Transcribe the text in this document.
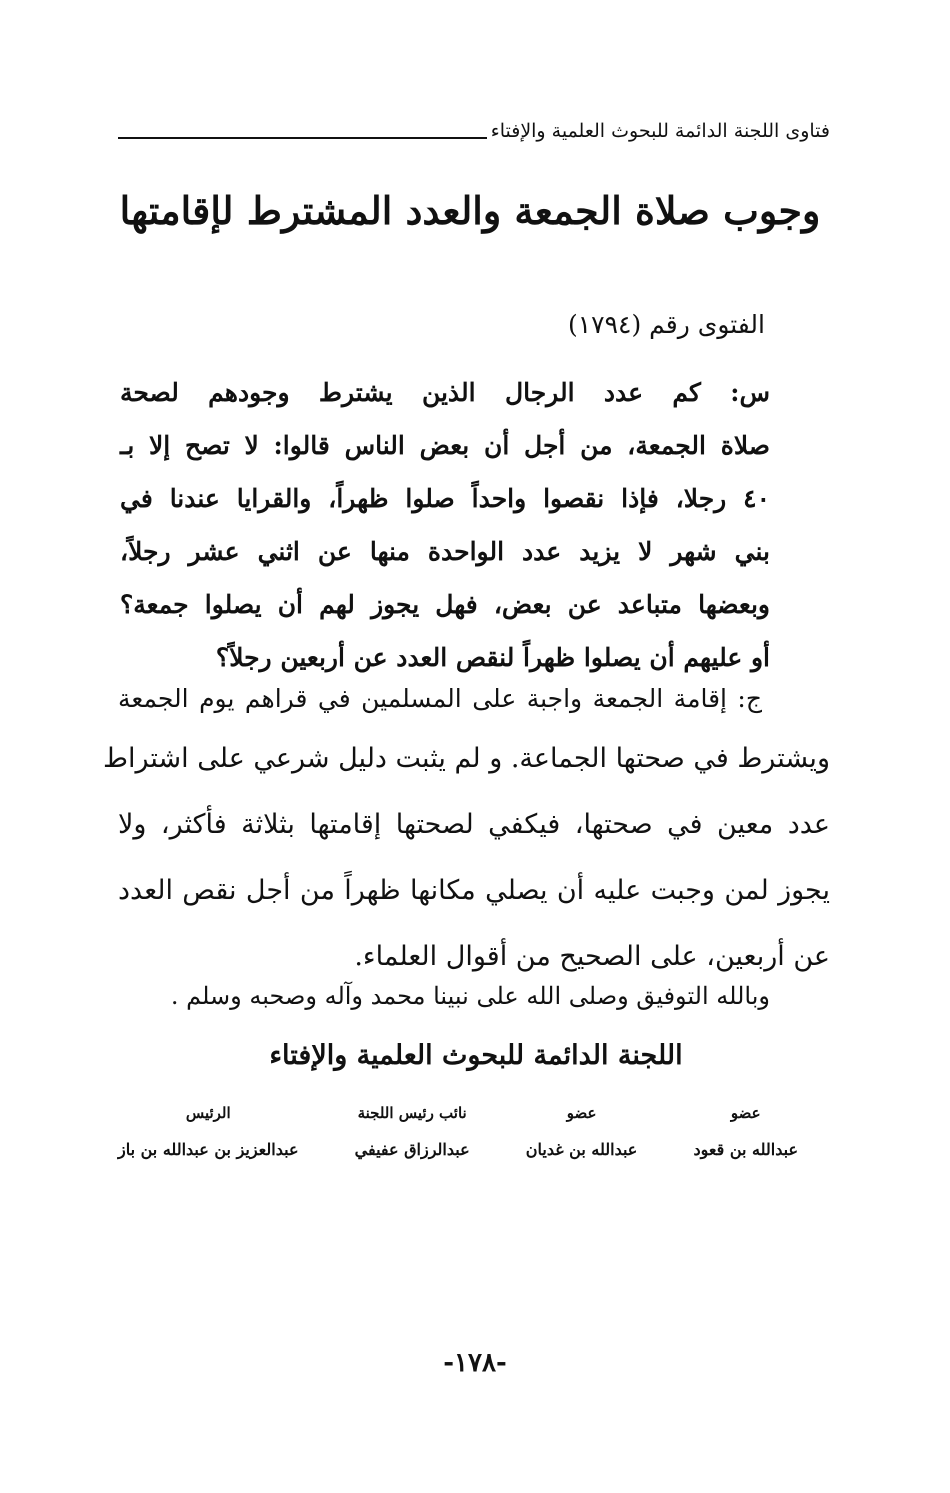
فتاوى اللجنة الدائمة للبحوث العلمية والإفتاء
وجوب صلاة الجمعة والعدد المشترط لإقامتها
الفتوى رقم (١٧٩٤)
س: كم عدد الرجال الذين يشترط وجودهم لصحة
صلاة الجمعة، من أجل أن بعض الناس قالوا: لا تصح إلا بـ
٤٠ رجلا، فإذا نقصوا واحداً صلوا ظهراً، والقرايا عندنا في
بني شهر لا يزيد عدد الواحدة منها عن اثني عشر رجلاً،
وبعضها متباعد عن بعض، فهل يجوز لهم أن يصلوا جمعة؟
أو عليهم أن يصلوا ظهراً لنقص العدد عن أربعين رجلاً؟
ج: إقامة الجمعة واجبة على المسلمين في قراهم يوم الجمعة
ويشترط في صحتها الجماعة. و لم يثبت دليل شرعي على اشتراط
عدد معين في صحتها، فيكفي لصحتها إقامتها بثلاثة فأكثر، ولا
يجوز لمن وجبت عليه أن يصلي مكانها ظهراً من أجل نقص العدد
عن أربعين، على الصحيح من أقوال العلماء.
وبالله التوفيق وصلى الله على نبينا محمد وآله وصحبه وسلم .
اللجنة الدائمة للبحوث العلمية والإفتاء
عضو
عبدالله بن قعود
عضو
عبدالله بن غديان
نائب رئيس اللجنة
عبدالرزاق عفيفي
الرئيس
عبدالعزيز بن عبدالله بن باز
-١٧٨-
